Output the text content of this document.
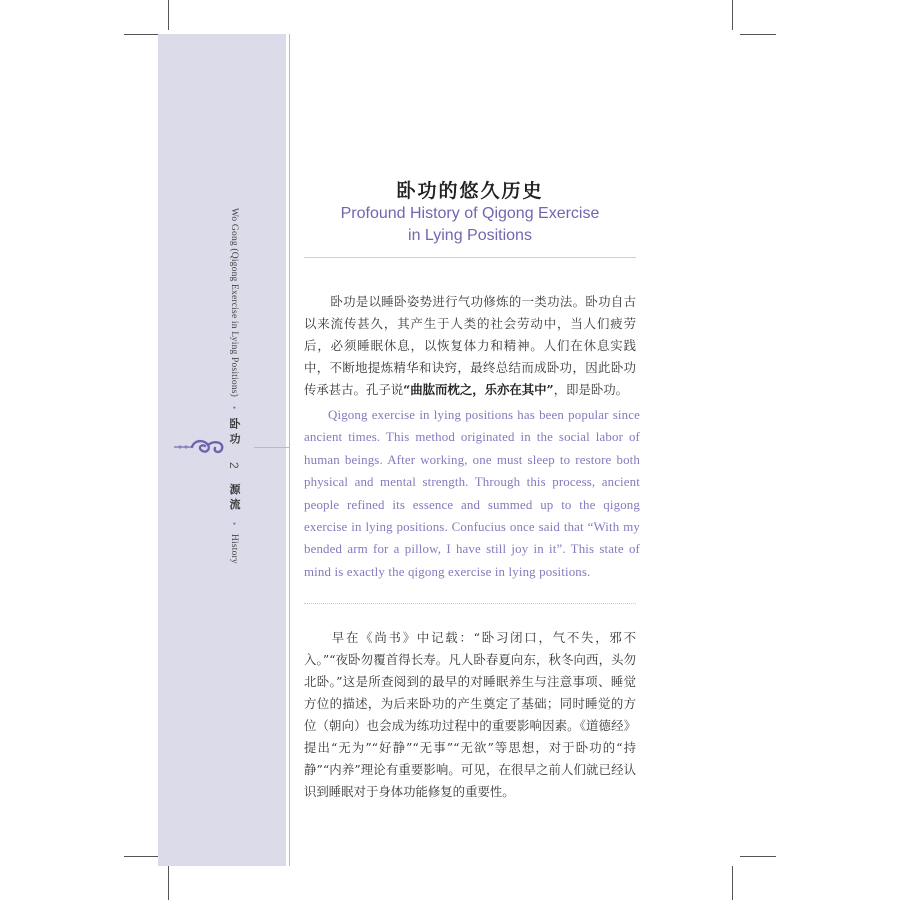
Wo Gong (Qigong Exercise in Lying Positions) • 卧功 2 源流 • History
卧功的悠久历史
Profound History of Qigong Exercise
in Lying Positions
卧功是以睡卧姿势进行气功修炼的一类功法。卧功自古以来流传甚久，其产生于人类的社会劳动中，当人们疲劳后，必须睡眠休息，以恢复体力和精神。人们在休息实践中，不断地提炼精华和诀窍，最终总结而成卧功，因此卧功传承甚古。孔子说“曲肱而枕之，乐亦在其中”，即是卧功。
Qigong exercise in lying positions has been popular since ancient times. This method originated in the social labor of human beings. After working, one must sleep to restore both physical and mental strength. Through this process, ancient people refined its essence and summed up to the qigong exercise in lying positions. Confucius once said that “With my bended arm for a pillow, I have still joy in it”. This state of mind is exactly the qigong exercise in lying positions.
早在《尚书》中记载：“卧习闭口，气不失，邪不入。”“夜卧勿覆首得长寿。凡人卧春夏向东，秋冬向西，头勿北卧。”这是所查阅到的最早的对睡眠养生与注意事项、睡觉方位的描述，为后来卧功的产生奠定了基础；同时睡觉的方位（朝向）也会成为练功过程中的重要影响因素。《道德经》提出“无为”“好静”“无事”“无欲”等思想，对于卧功的“持静”“内养”理论有重要影响。可见，在很早之前人们就已经认识到睡眠对于身体功能修复的重要性。
